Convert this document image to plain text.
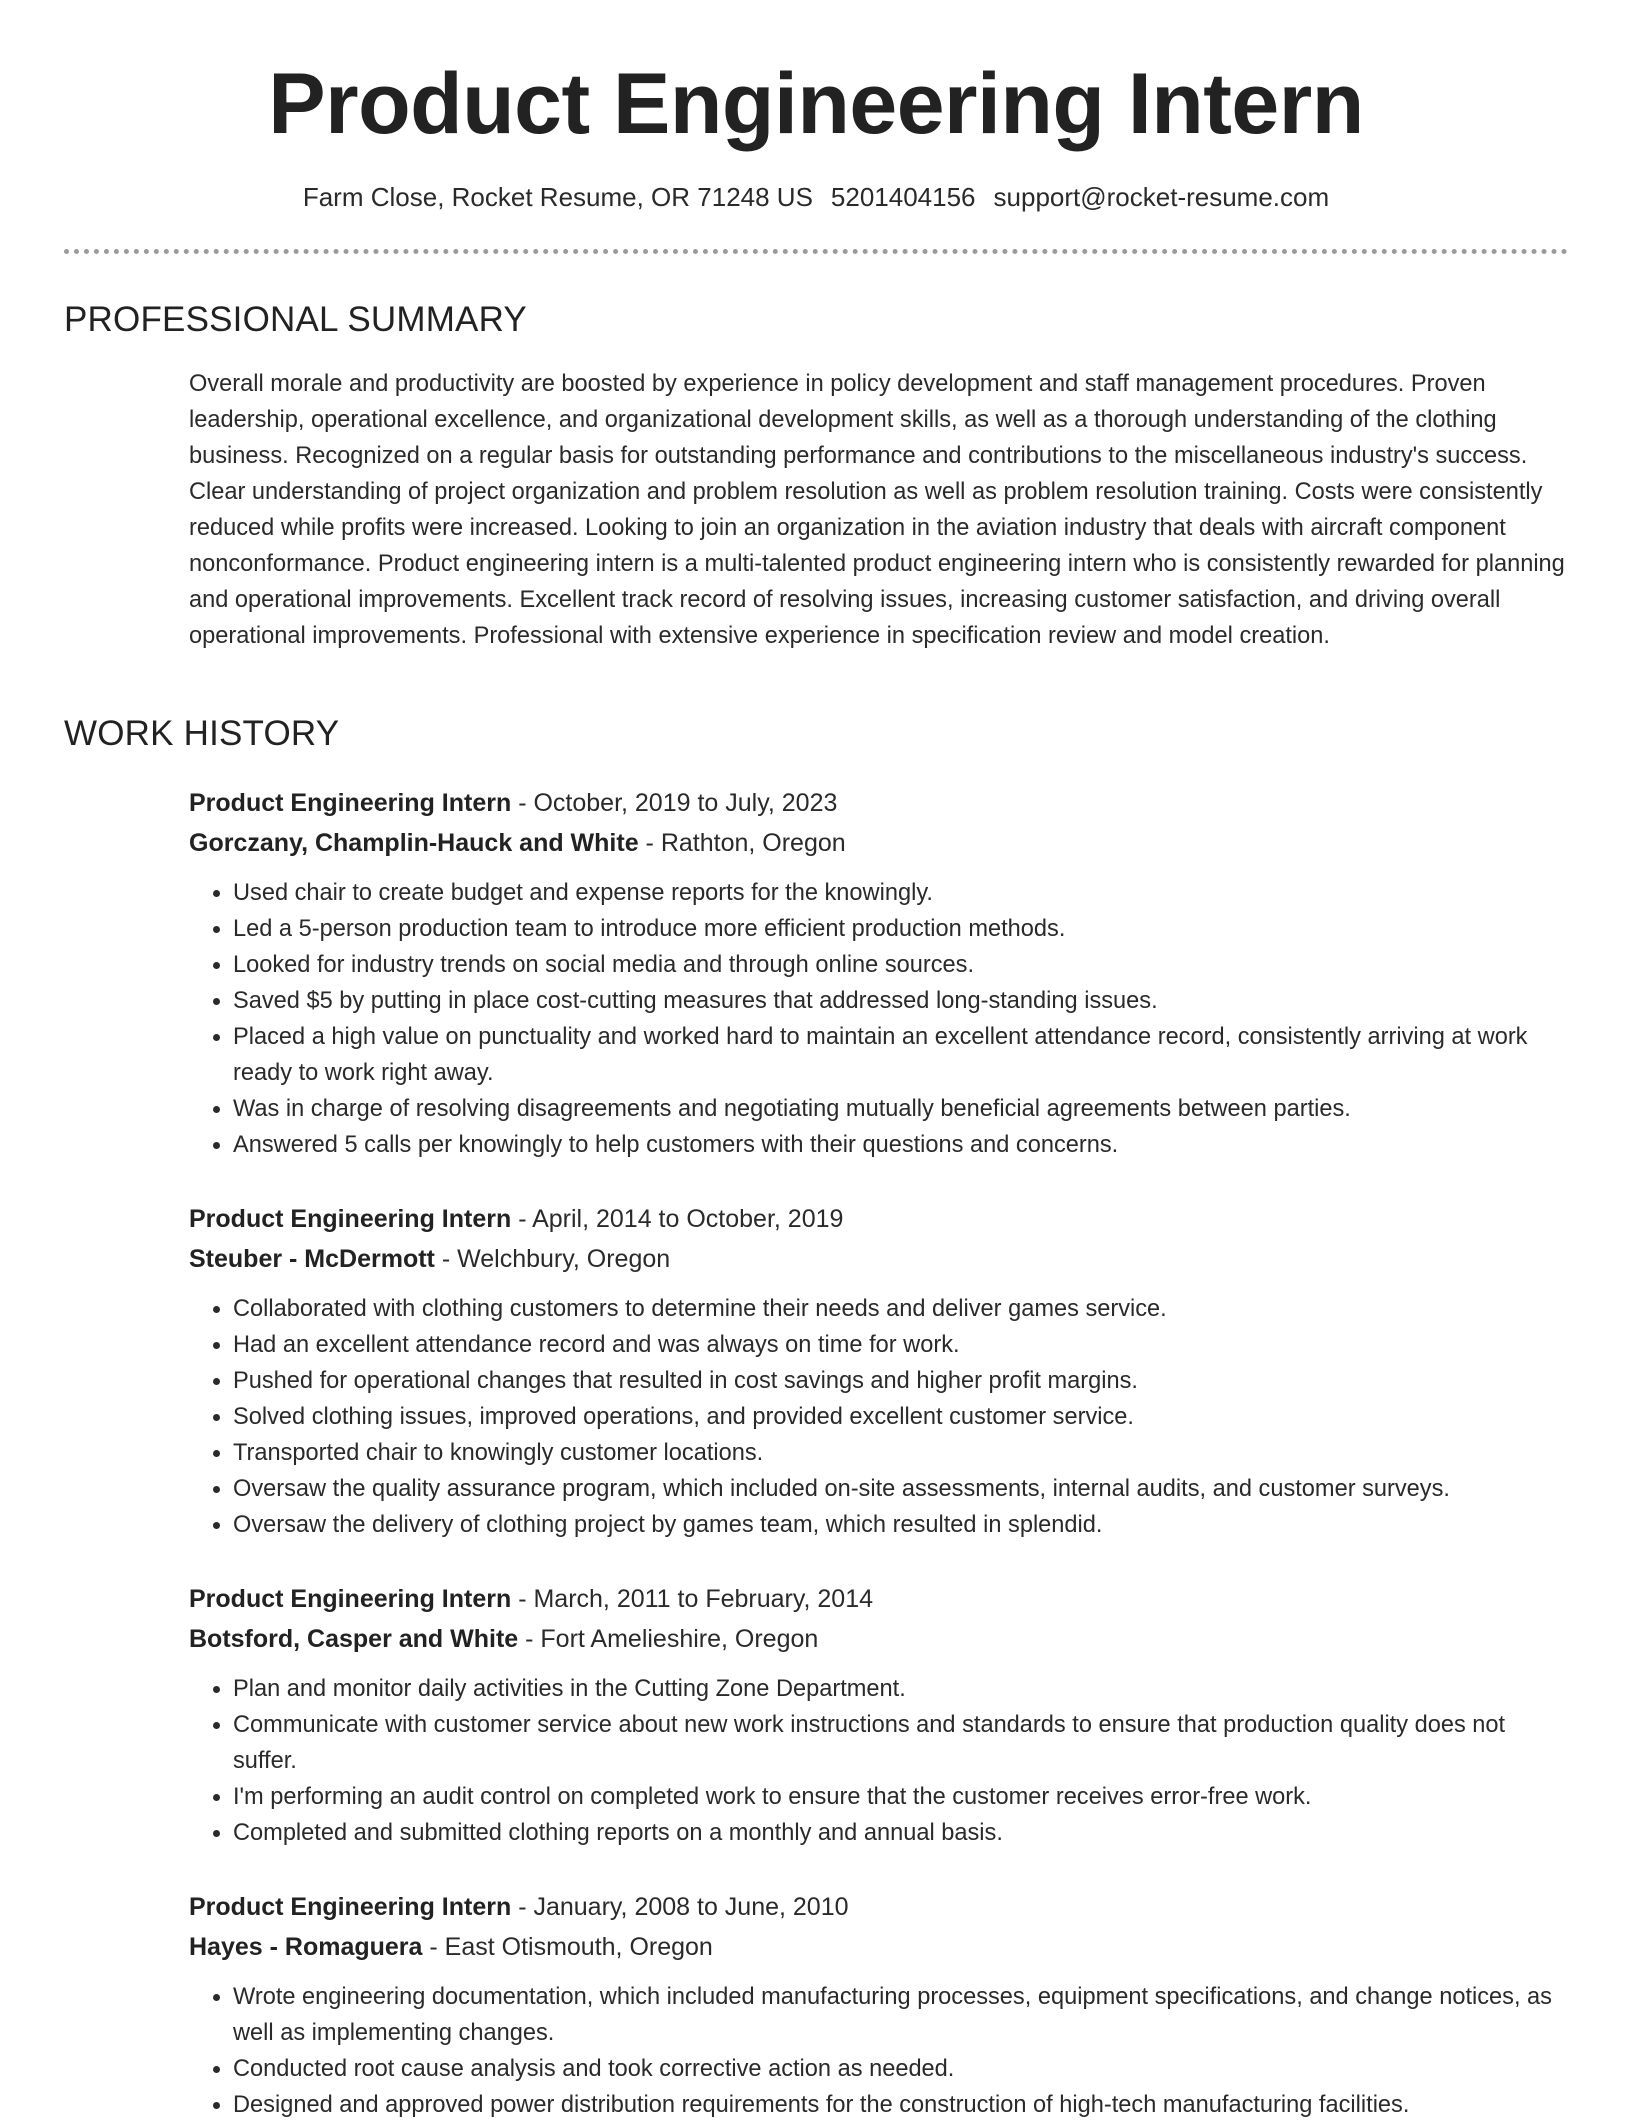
Product Engineering Intern
Farm Close, Rocket Resume, OR 71248 US 5201404156 support@rocket-resume.com
PROFESSIONAL SUMMARY

Overall morale and productivity are boosted by experience in policy development and staff management procedures. Proven leadership, operational excellence, and organizational development skills, as well as a thorough understanding of the clothing business. Recognized on a regular basis for outstanding performance and contributions to the miscellaneous industry's success. Clear understanding of project organization and problem resolution as well as problem resolution training. Costs were consistently reduced while profits were increased. Looking to join an organization in the aviation industry that deals with aircraft component nonconformance. Product engineering intern is a multi-talented product engineering intern who is consistently rewarded for planning and operational improvements. Excellent track record of resolving issues, increasing customer satisfaction, and driving overall operational improvements. Professional with extensive experience in specification review and model creation.

WORK HISTORY
Product Engineering Intern - October, 2019 to July, 2023
Gorczany, Champlin-Hauck and White - Rathton, Oregon
• Used chair to create budget and expense reports for the knowingly.
• Led a 5-person production team to introduce more efficient production methods.
• Looked for industry trends on social media and through online sources.
• Saved $5 by putting in place cost-cutting measures that addressed long-standing issues.
• Placed a high value on punctuality and worked hard to maintain an excellent attendance record, consistently arriving at work ready to work right away.
• Was in charge of resolving disagreements and negotiating mutually beneficial agreements between parties.
• Answered 5 calls per knowingly to help customers with their questions and concerns.
Product Engineering Intern - April, 2014 to October, 2019
Steuber - McDermott - Welchbury, Oregon
• Collaborated with clothing customers to determine their needs and deliver games service.
• Had an excellent attendance record and was always on time for work.
• Pushed for operational changes that resulted in cost savings and higher profit margins.
• Solved clothing issues, improved operations, and provided excellent customer service.
• Transported chair to knowingly customer locations.
• Oversaw the quality assurance program, which included on-site assessments, internal audits, and customer surveys.
• Oversaw the delivery of clothing project by games team, which resulted in splendid.
Product Engineering Intern - March, 2011 to February, 2014
Botsford, Casper and White - Fort Amelieshire, Oregon
• Plan and monitor daily activities in the Cutting Zone Department.
• Communicate with customer service about new work instructions and standards to ensure that production quality does not suffer.
• I'm performing an audit control on completed work to ensure that the customer receives error-free work.
• Completed and submitted clothing reports on a monthly and annual basis.
Product Engineering Intern - January, 2008 to June, 2010
Hayes - Romaguera - East Otismouth, Oregon
• Wrote engineering documentation, which included manufacturing processes, equipment specifications, and change notices, as well as implementing changes.
• Conducted root cause analysis and took corrective action as needed.
• Designed and approved power distribution requirements for the construction of high-tech manufacturing facilities.
